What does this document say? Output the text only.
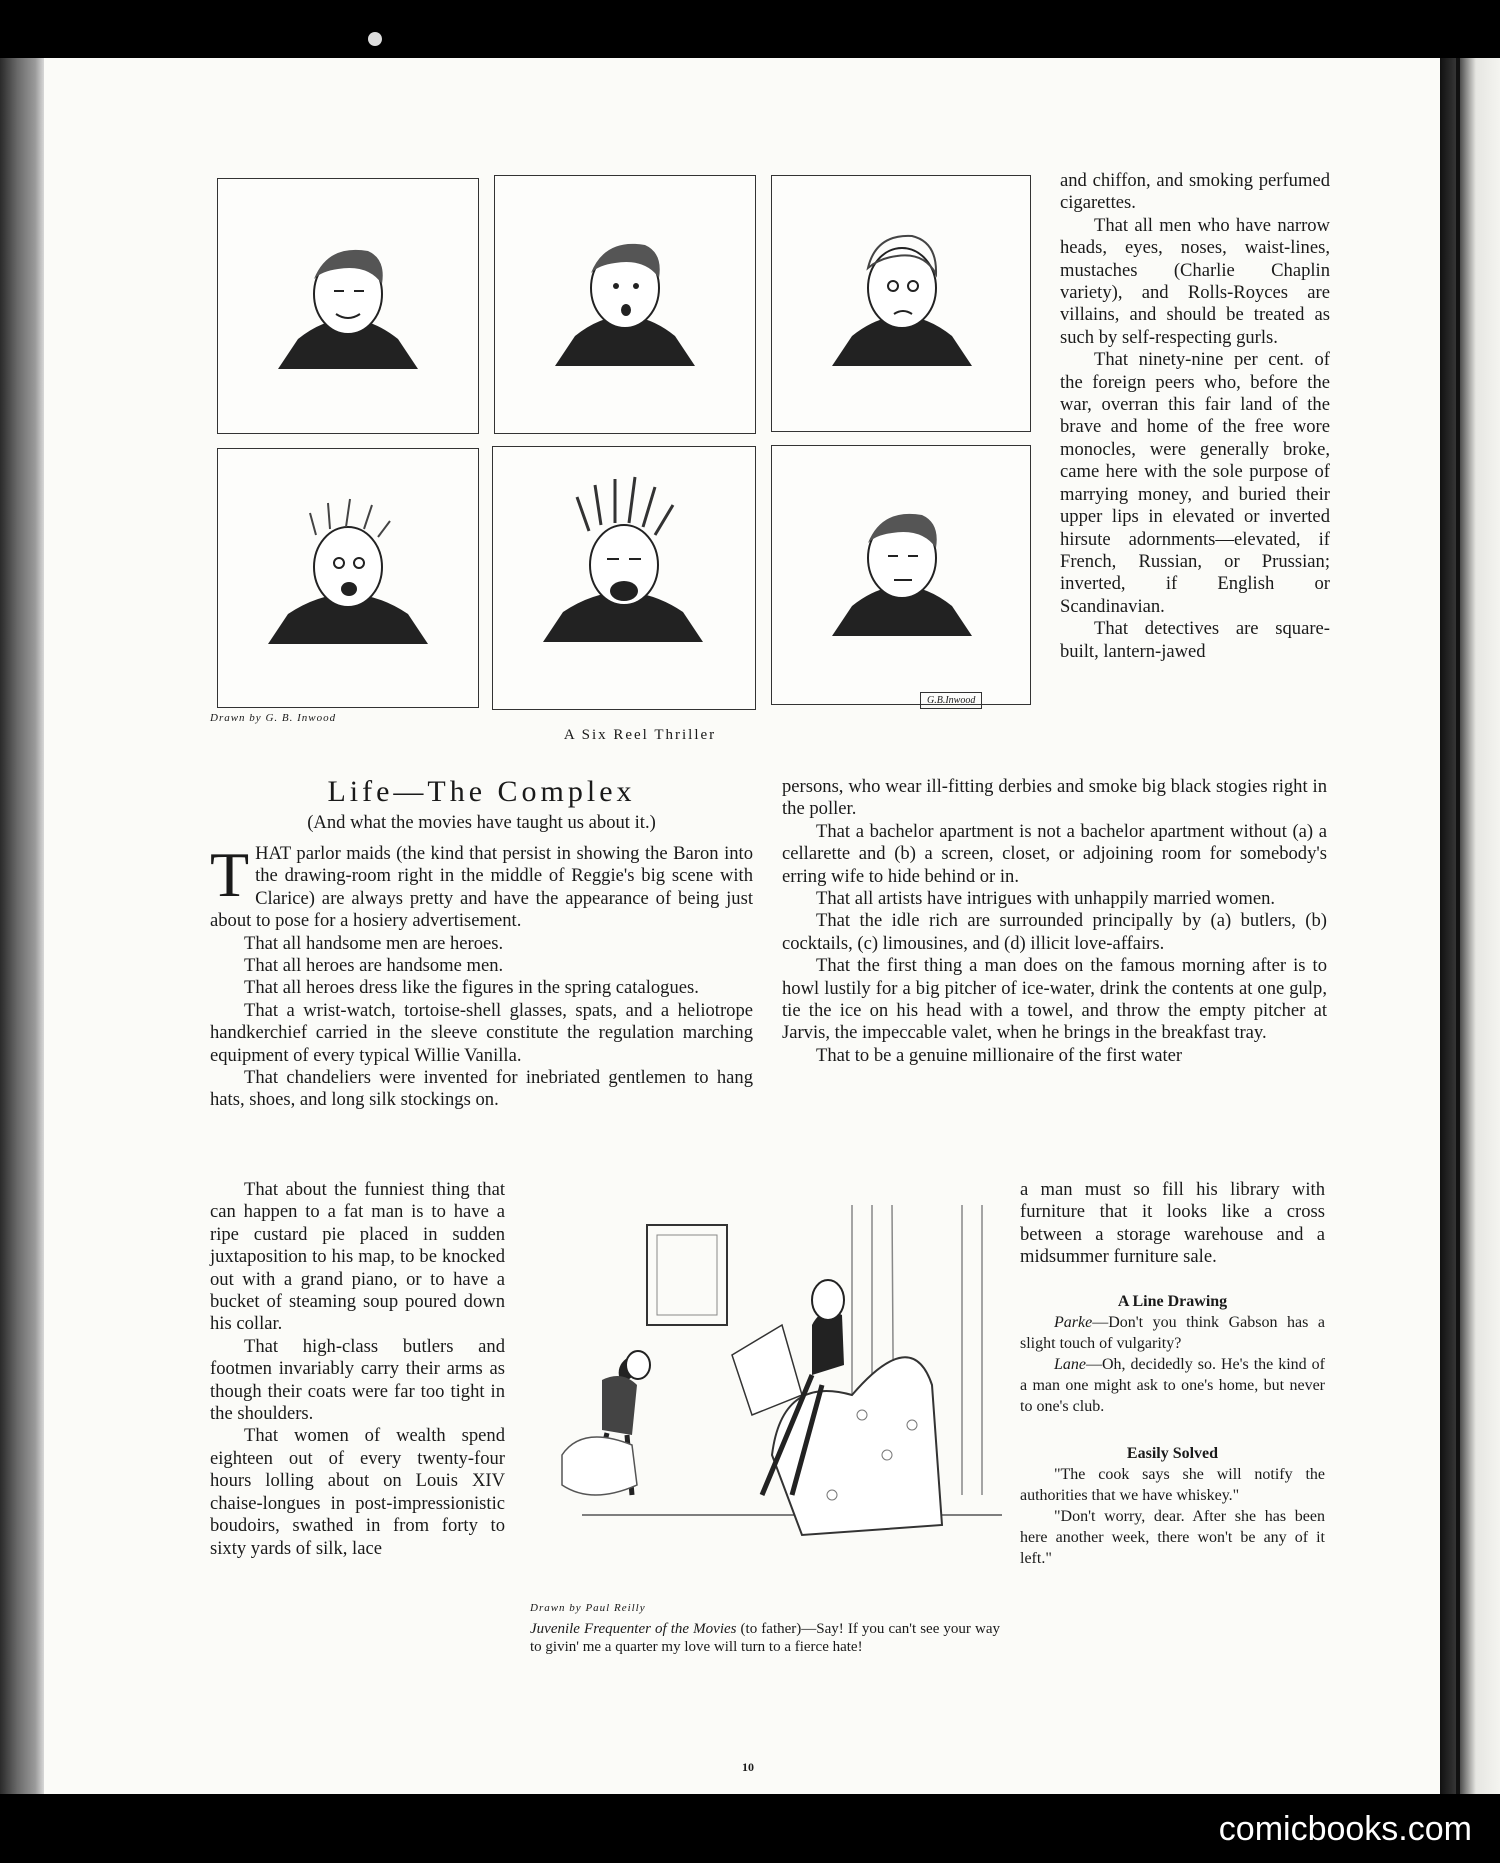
Drawn by G. B. Inwood
G.B.Inwood
A Six Reel Thriller
Life—The Complex
(And what the movies have taught us about it.)

and chiffon, and smoking perfumed cigarettes.

That all men who have narrow heads, eyes, noses, waist-lines, mustaches (Charlie Chaplin variety), and Rolls-Royces are villains, and should be treated as such by self-respecting gurls.

That ninety-nine per cent. of the foreign peers who, before the war, overran this fair land of the brave and home of the free wore monocles, were generally broke, came here with the sole purpose of marrying money, and buried their upper lips in elevated or inverted hirsute adornments—elevated, if French, Russian, or Prussian; inverted, if English or Scandinavian.

That detectives are square-built, lantern-jawed

THAT parlor maids (the kind that persist in showing the Baron into the drawing-room right in the middle of Reggie's big scene with Clarice) are always pretty and have the appearance of being just about to pose for a hosiery advertisement.

That all handsome men are heroes.

That all heroes are handsome men.

That all heroes dress like the figures in the spring catalogues.

That a wrist-watch, tortoise-shell glasses, spats, and a heliotrope handkerchief carried in the sleeve constitute the regulation marching equipment of every typical Willie Vanilla.

That chandeliers were invented for inebriated gentlemen to hang hats, shoes, and long silk stockings on.

That about the funniest thing that can happen to a fat man is to have a ripe custard pie placed in sudden juxtaposition to his map, to be knocked out with a grand piano, or to have a bucket of steaming soup poured down his collar.

That high-class butlers and footmen invariably carry their arms as though their coats were far too tight in the shoulders.

That women of wealth spend eighteen out of every twenty-four hours lolling about on Louis XIV chaise-longues in post-impressionistic boudoirs, swathed in from forty to sixty yards of silk, lace

persons, who wear ill-fitting derbies and smoke big black stogies right in the poller.

That a bachelor apartment is not a bachelor apartment without (a) a cellarette and (b) a screen, closet, or adjoining room for somebody's erring wife to hide behind or in.

That all artists have intrigues with unhappily married women.

That the idle rich are surrounded principally by (a) butlers, (b) cocktails, (c) limousines, and (d) illicit love-affairs.

That the first thing a man does on the famous morning after is to howl lustily for a big pitcher of ice-water, drink the contents at one gulp, tie the ice on his head with a towel, and throw the empty pitcher at Jarvis, the impeccable valet, when he brings in the breakfast tray.

That to be a genuine millionaire of the first water

a man must so fill his library with furniture that it looks like a cross between a storage warehouse and a midsummer furniture sale.

A Line Drawing

Parke—Don't you think Gabson has a slight touch of vulgarity?

Lane—Oh, decidedly so. He's the kind of a man one might ask to one's home, but never to one's club.

Easily Solved

"The cook says she will notify the authorities that we have whiskey."

"Don't worry, dear. After she has been here another week, there won't be any of it left."

Drawn by Paul Reilly
Juvenile Frequenter of the Movies (to father)—Say! If you can't see your way to givin' me a quarter my love will turn to a fierce hate!
10
comicbooks.com
